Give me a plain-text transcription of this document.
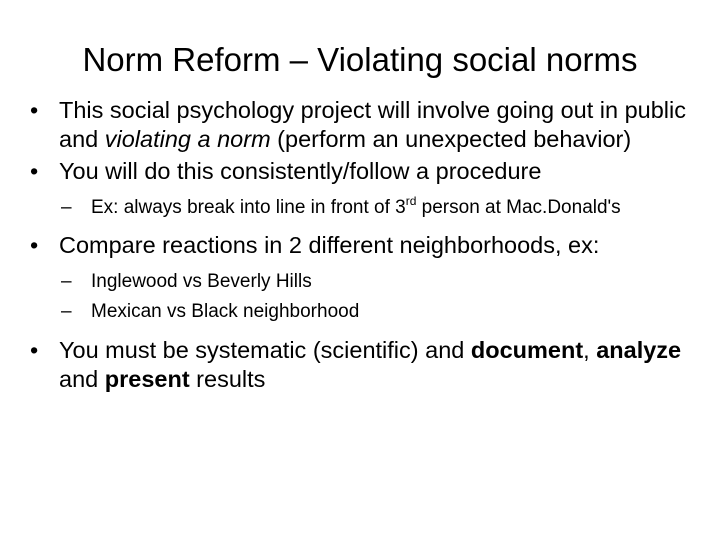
Norm Reform – Violating social norms
• This social psychology project will involve going out in public and violating a norm (perform an unexpected behavior)
• You will do this consistently/follow a procedure
– Ex: always break into line in front of 3rd person at Mac.Donald's
• Compare reactions in 2 different neighborhoods, ex:
– Inglewood vs Beverly Hills
– Mexican vs Black neighborhood
• You must be systematic (scientific) and document, analyze and present results
